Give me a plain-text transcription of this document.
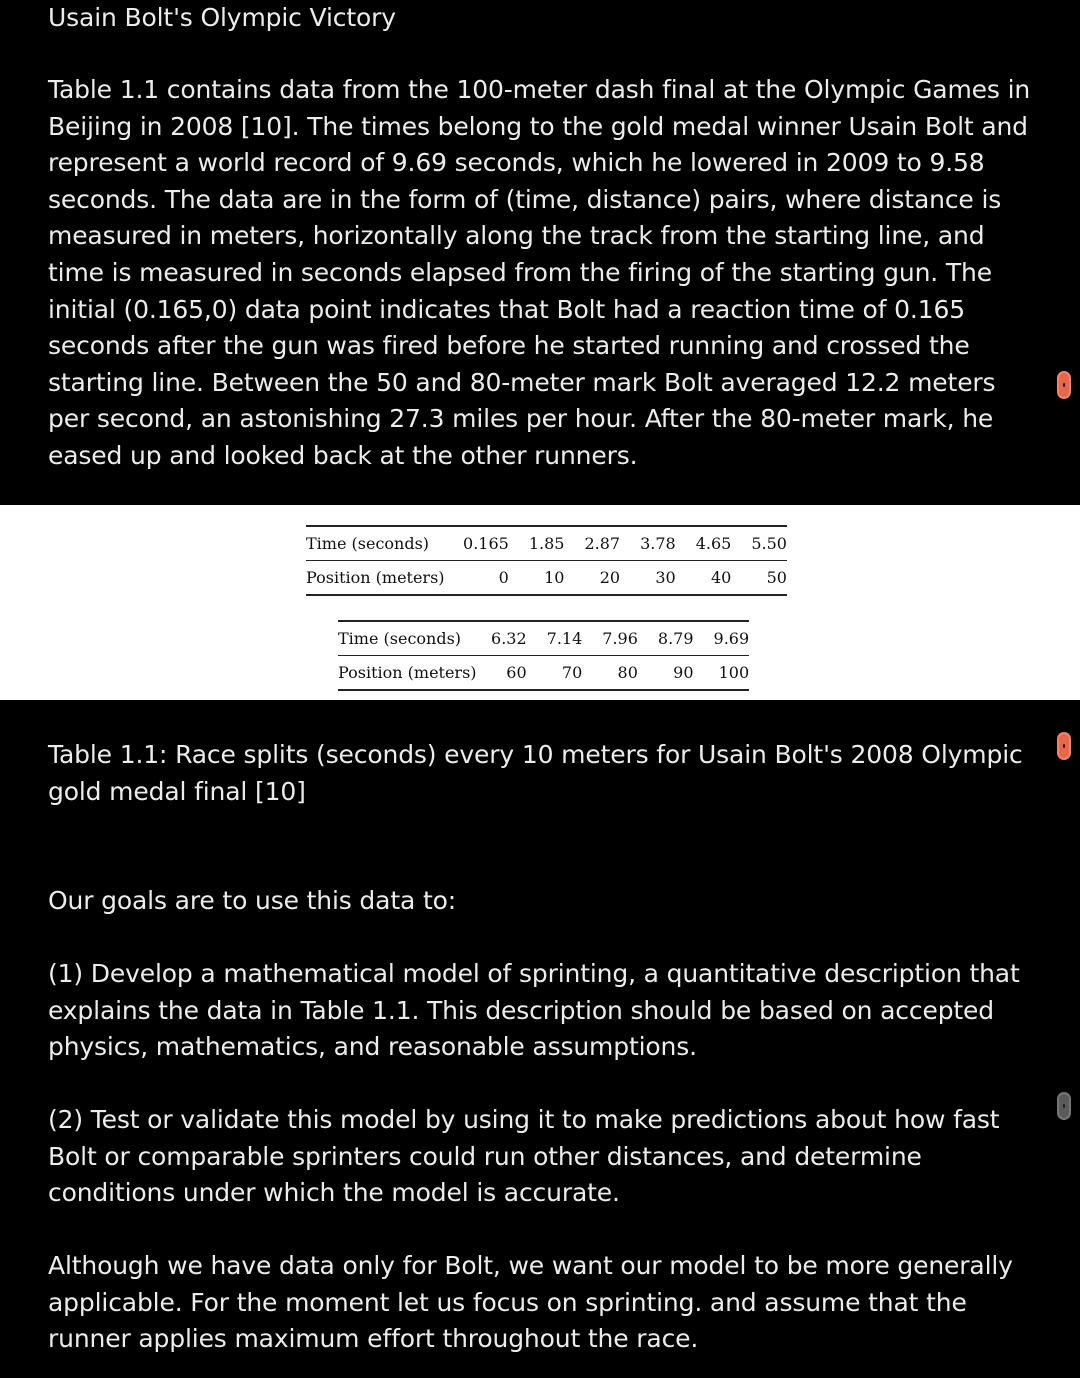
Usain Bolt's Olympic Victory

Table 1.1 contains data from the 100-meter dash final at the Olympic Games in Beijing in 2008 [10]. The times belong to the gold medal winner Usain Bolt and represent a world record of 9.69 seconds, which he lowered in 2009 to 9.58 seconds. The data are in the form of (time, distance) pairs, where distance is measured in meters, horizontally along the track from the starting line, and time is measured in seconds elapsed from the firing of the starting gun. The initial (0.165,0) data point indicates that Bolt had a reaction time of 0.165 seconds after the gun was fired before he started running and crossed the starting line. Between the 50 and 80-meter mark Bolt averaged 12.2 meters per second, an astonishing 27.3 miles per hour. After the 80-meter mark, he eased up and looked back at the other runners.

Time (seconds)	0.165	1.85	2.87	3.78	4.65	5.50
Position (meters)	0	10	20	30	40	50
Time (seconds)	6.32	7.14	7.96	8.79	9.69
Position (meters)	60	70	80	90	100

Table 1.1: Race splits (seconds) every 10 meters for Usain Bolt's 2008 Olympic gold medal final [10]

Our goals are to use this data to:

(1) Develop a mathematical model of sprinting, a quantitative description that explains the data in Table 1.1. This description should be based on accepted physics, mathematics, and reasonable assumptions.

(2) Test or validate this model by using it to make predictions about how fast Bolt or comparable sprinters could run other distances, and determine conditions under which the model is accurate.

Although we have data only for Bolt, we want our model to be more generally applicable. For the moment let us focus on sprinting. and assume that the runner applies maximum effort throughout the race.
